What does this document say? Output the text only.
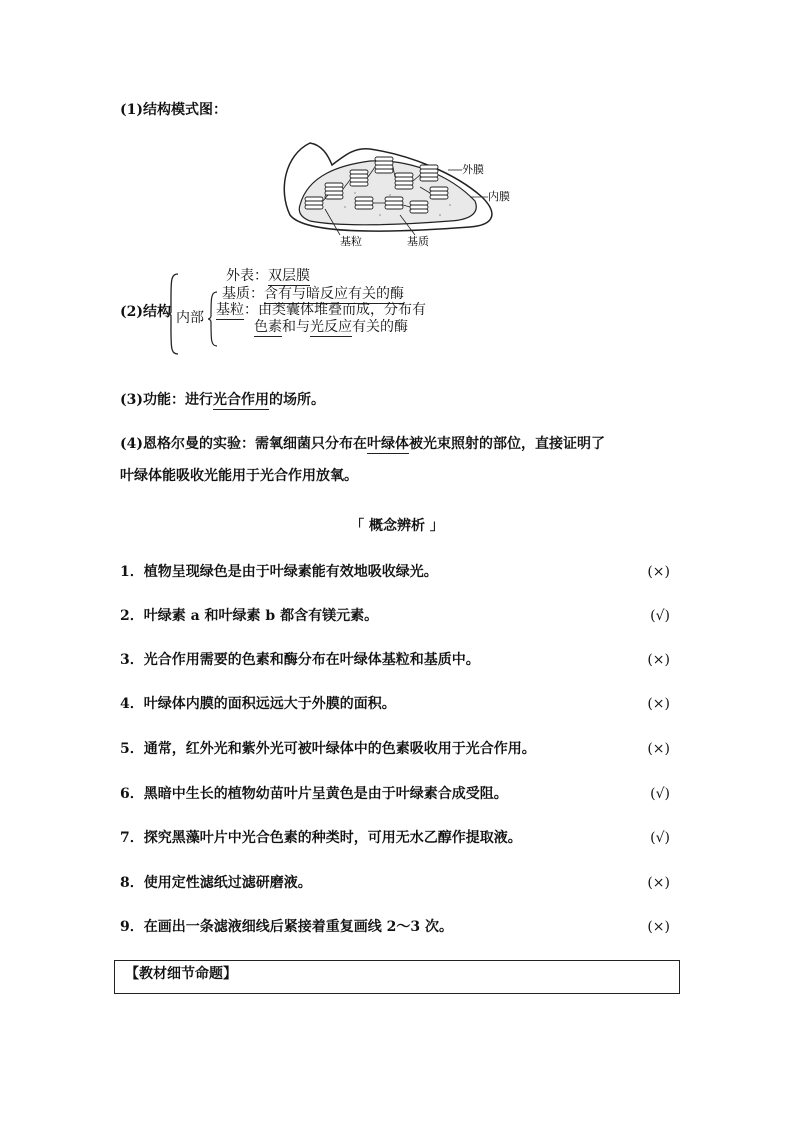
(1)结构模式图：
外膜
内膜
基粒	基质
(2)结构 内部
外表：双层膜
基质：含有与暗反应有关的酶
基粒：由类囊体堆叠而成，分布有
色素和与光反应有关的酶
(3)功能：进行光合作用的场所。
(4)恩格尔曼的实验：需氧细菌只分布在叶绿体被光束照射的部位，直接证明了
叶绿体能吸收光能用于光合作用放氧。
「 概念辨析 」
1．植物呈现绿色是由于叶绿素能有效地吸收绿光。	(×)
2．叶绿素 a 和叶绿素 b 都含有镁元素。	(√)
3．光合作用需要的色素和酶分布在叶绿体基粒和基质中。	(×)
4．叶绿体内膜的面积远远大于外膜的面积。	(×)
5．通常，红外光和紫外光可被叶绿体中的色素吸收用于光合作用。	(×)
6．黑暗中生长的植物幼苗叶片呈黄色是由于叶绿素合成受阻。	(√)
7．探究黑藻叶片中光合色素的种类时，可用无水乙醇作提取液。	(√)
8．使用定性滤纸过滤研磨液。	(×)
9．在画出一条滤液细线后紧接着重复画线 2～3 次。	(×)
【教材细节命题】
